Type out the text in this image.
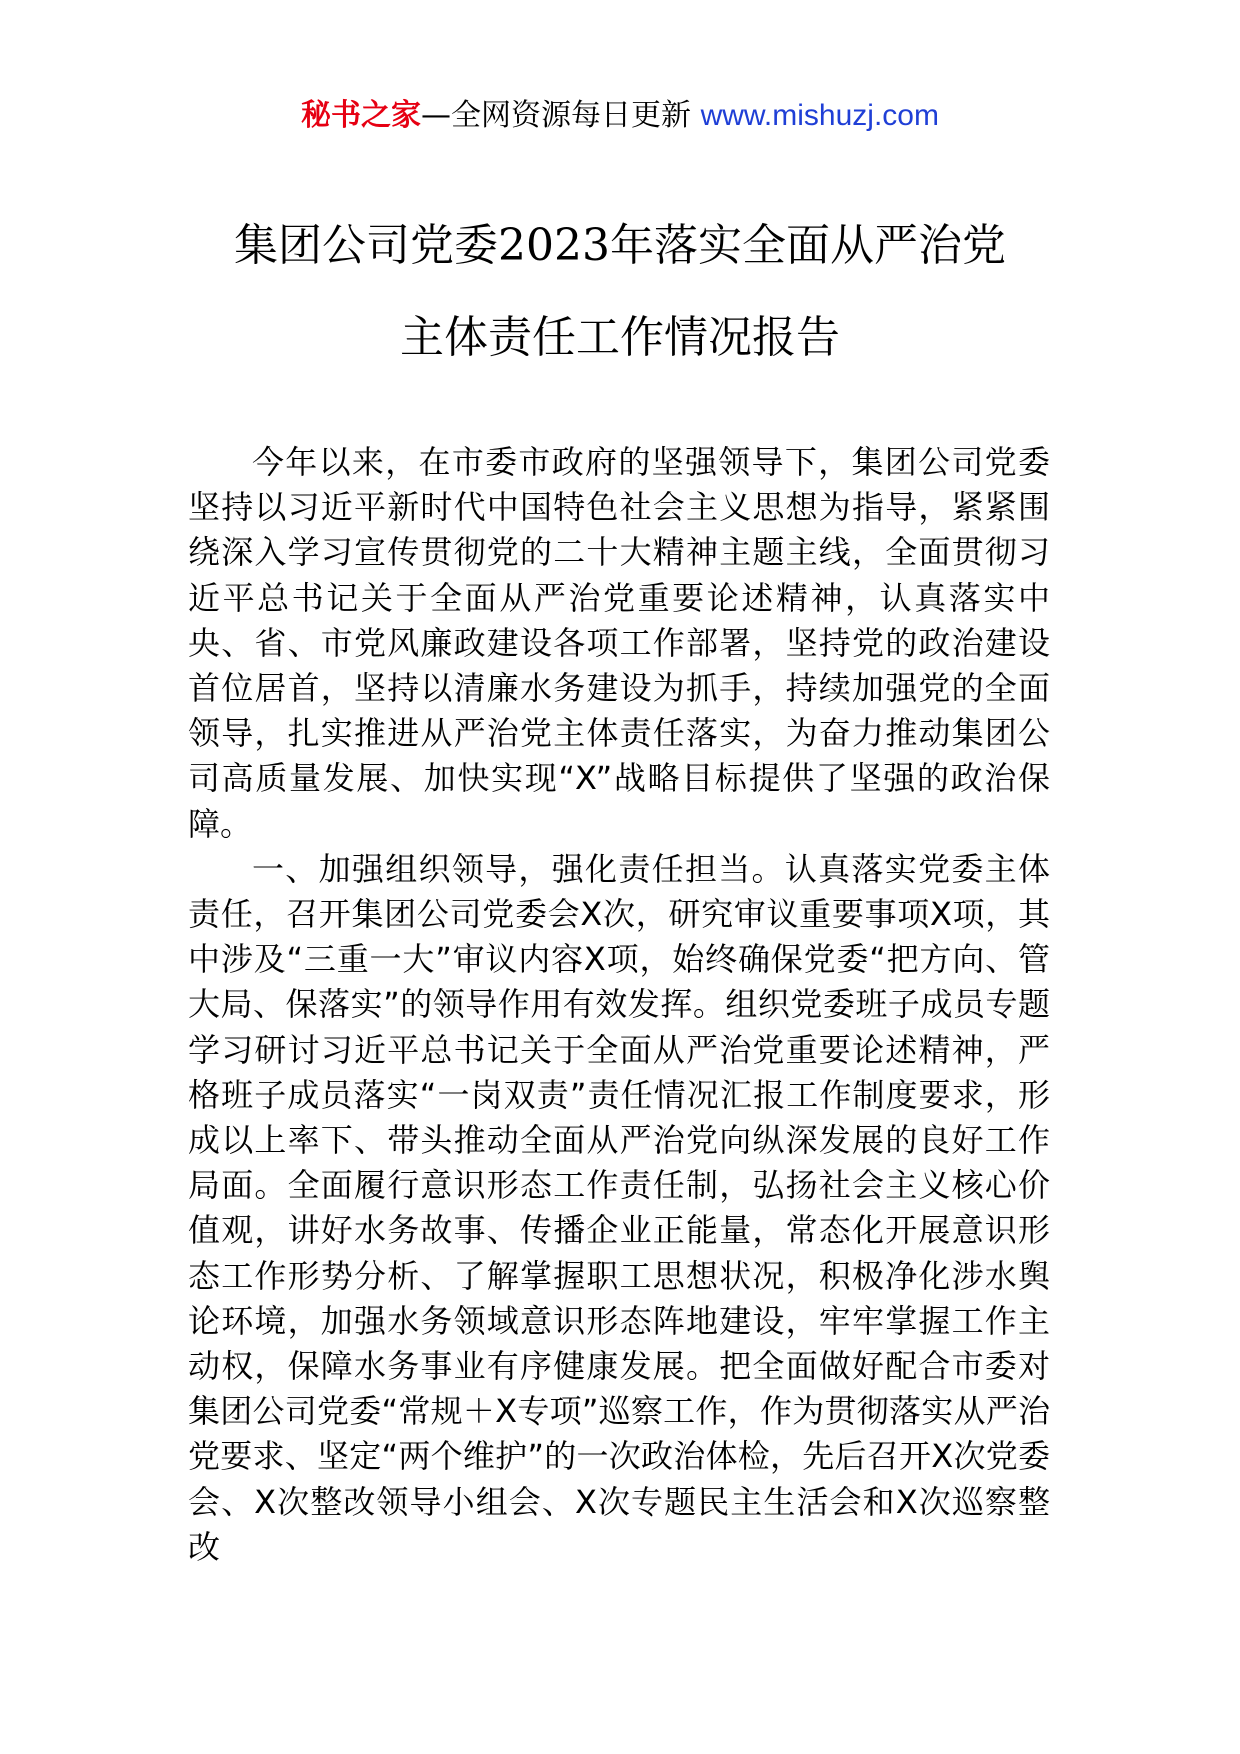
秘书之家—全网资源每日更新 www.mishuzj.com
集团公司党委2023年落实全面从严治党
主体责任工作情况报告

今年以来，在市委市政府的坚强领导下，集团公司党委坚持以习近平新时代中国特色社会主义思想为指导，紧紧围绕深入学习宣传贯彻党的二十大精神主题主线，全面贯彻习近平总书记关于全面从严治党重要论述精神，认真落实中央、省、市党风廉政建设各项工作部署，坚持党的政治建设首位居首，坚持以清廉水务建设为抓手，持续加强党的全面领导，扎实推进从严治党主体责任落实，为奋力推动集团公司高质量发展、加快实现“X”战略目标提供了坚强的政治保障。

一、加强组织领导，强化责任担当。认真落实党委主体责任，召开集团公司党委会X次，研究审议重要事项X项，其中涉及“三重一大”审议内容X项，始终确保党委“把方向、管大局、保落实”的领导作用有效发挥。组织党委班子成员专题学习研讨习近平总书记关于全面从严治党重要论述精神，严格班子成员落实“一岗双责”责任情况汇报工作制度要求，形成以上率下、带头推动全面从严治党向纵深发展的良好工作局面。全面履行意识形态工作责任制，弘扬社会主义核心价值观，讲好水务故事、传播企业正能量，常态化开展意识形态工作形势分析、了解掌握职工思想状况，积极净化涉水舆论环境，加强水务领域意识形态阵地建设，牢牢掌握工作主动权，保障水务事业有序健康发展。把全面做好配合市委对集团公司党委“常规＋X专项”巡察工作，作为贯彻落实从严治党要求、坚定“两个维护”的一次政治体检，先后召开X次党委会、X次整改领导小组会、X次专题民主生活会和X次巡察整改
